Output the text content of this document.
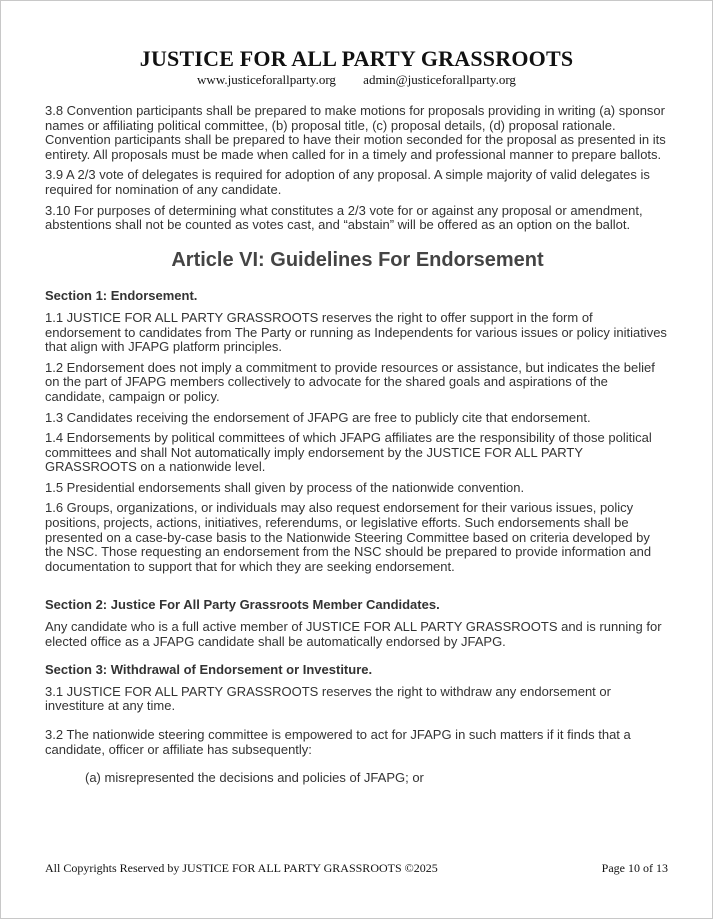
JUSTICE FOR ALL PARTY GRASSROOTS
www.justiceforallparty.org admin@justiceforallparty.org

3.8 Convention participants shall be prepared to make motions for proposals providing in writing (a) sponsor names or affiliating political committee, (b) proposal title, (c) proposal details, (d) proposal rationale. Convention participants shall be prepared to have their motion seconded for the proposal as presented in its entirety. All proposals must be made when called for in a timely and professional manner to prepare ballots.

3.9 A 2/3 vote of delegates is required for adoption of any proposal. A simple majority of valid delegates is required for nomination of any candidate.

3.10 For purposes of determining what constitutes a 2/3 vote for or against any proposal or amendment, abstentions shall not be counted as votes cast, and “abstain” will be offered as an option on the ballot.

Article VI: Guidelines For Endorsement
Section 1: Endorsement.

1.1 JUSTICE FOR ALL PARTY GRASSROOTS reserves the right to offer support in the form of endorsement to candidates from The Party or running as Independents for various issues or policy initiatives that align with JFAPG platform principles.

1.2 Endorsement does not imply a commitment to provide resources or assistance, but indicates the belief on the part of JFAPG members collectively to advocate for the shared goals and aspirations of the candidate, campaign or policy.

1.3 Candidates receiving the endorsement of JFAPG are free to publicly cite that endorsement.

1.4 Endorsements by political committees of which JFAPG affiliates are the responsibility of those political committees and shall Not automatically imply endorsement by the JUSTICE FOR ALL PARTY GRASSROOTS on a nationwide level.

1.5 Presidential endorsements shall given by process of the nationwide convention.

1.6 Groups, organizations, or individuals may also request endorsement for their various issues, policy positions, projects, actions, initiatives, referendums, or legislative efforts. Such endorsements shall be presented on a case-by-case basis to the Nationwide Steering Committee based on criteria developed by the NSC. Those requesting an endorsement from the NSC should be prepared to provide information and documentation to support that for which they are seeking endorsement.

Section 2: Justice For All Party Grassroots Member Candidates.

Any candidate who is a full active member of JUSTICE FOR ALL PARTY GRASSROOTS and is running for elected office as a JFAPG candidate shall be automatically endorsed by JFAPG.

Section 3: Withdrawal of Endorsement or Investiture.

3.1 JUSTICE FOR ALL PARTY GRASSROOTS reserves the right to withdraw any endorsement or investiture at any time.

3.2 The nationwide steering committee is empowered to act for JFAPG in such matters if it finds that a candidate, officer or affiliate has subsequently:

(a) misrepresented the decisions and policies of JFAPG; or

All Copyrights Reserved by JUSTICE FOR ALL PARTY GRASSROOTS ©2025	Page 10 of 13
